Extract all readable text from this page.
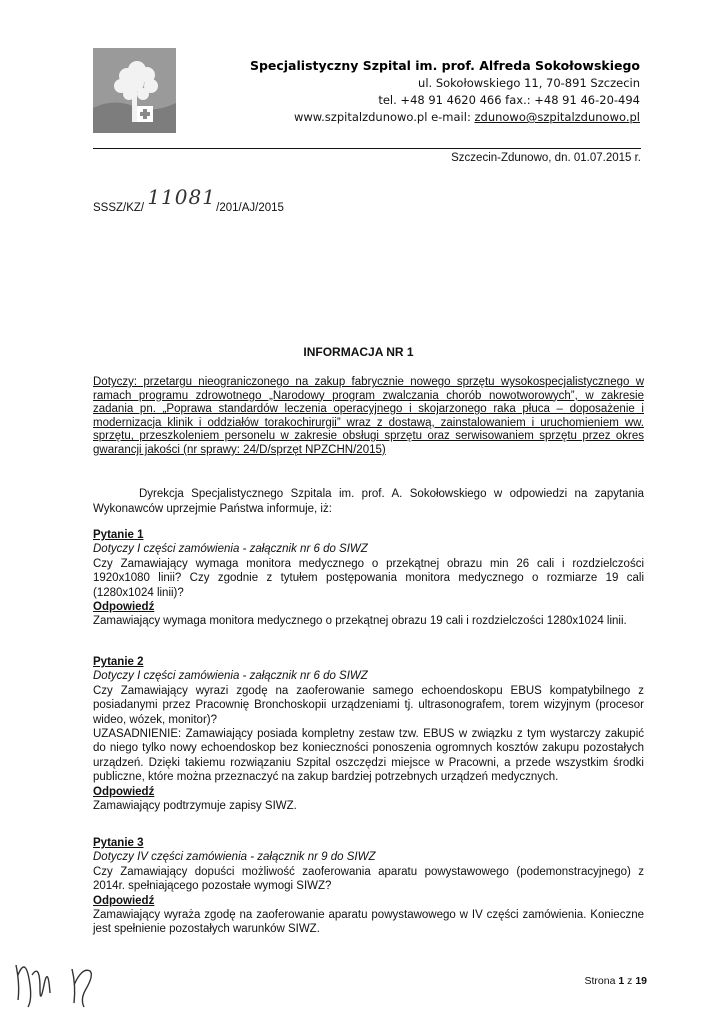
Specjalistyczny Szpital im. prof. Alfreda Sokołowskiego
ul. Sokołowskiego 11, 70-891 Szczecin
tel. +48 91 4620 466 fax.: +48 91 46-20-494
www.szpitalzdunowo.pl e-mail: zdunowo@szpitalzdunowo.pl
Szczecin-Zdunowo, dn. 01.07.2015 r.
SSSZ/KZ/ 11081/201/AJ/2015
INFORMACJA NR 1
Dotyczy: przetargu nieograniczonego na zakup fabrycznie nowego sprzętu wysokospecjalistycznego w ramach programu zdrowotnego „Narodowy program zwalczania chorób nowotworowych”, w zakresie zadania pn. „Poprawa standardów leczenia operacyjnego i skojarzonego raka płuca – doposażenie i modernizacja klinik i oddziałów torakochirurgii” wraz z dostawą, zainstalowaniem i uruchomieniem ww. sprzętu, przeszkoleniem personelu w zakresie obsługi sprzętu oraz serwisowaniem sprzętu przez okres gwarancji jakości (nr sprawy: 24/D/sprzęt NPZCHN/2015)
Dyrekcja Specjalistycznego Szpitala im. prof. A. Sokołowskiego w odpowiedzi na zapytania Wykonawców uprzejmie Państwa informuje, iż:

Pytanie 1

Dotyczy I części zamówienia - załącznik nr 6 do SIWZ

Czy Zamawiający wymaga monitora medycznego o przekątnej obrazu min 26 cali i rozdzielczości 1920x1080 linii? Czy zgodnie z tytułem postępowania monitora medycznego o rozmiarze 19 cali (1280x1024 linii)?

Odpowiedź

Zamawiający wymaga monitora medycznego o przekątnej obrazu 19 cali i rozdzielczości 1280x1024 linii.

Pytanie 2

Dotyczy I części zamówienia - załącznik nr 6 do SIWZ

Czy Zamawiający wyrazi zgodę na zaoferowanie samego echoendoskopu EBUS kompatybilnego z posiadanymi przez Pracownię Bronchoskopii urządzeniami tj. ultrasonografem, torem wizyjnym (procesor wideo, wózek, monitor)?

UZASADNIENIE: Zamawiający posiada kompletny zestaw tzw. EBUS w związku z tym wystarczy zakupić do niego tylko nowy echoendoskop bez konieczności ponoszenia ogromnych kosztów zakupu pozostałych urządzeń. Dzięki takiemu rozwiązaniu Szpital oszczędzi miejsce w Pracowni, a przede wszystkim środki publiczne, które można przeznaczyć na zakup bardziej potrzebnych urządzeń medycznych.

Odpowiedź

Zamawiający podtrzymuje zapisy SIWZ.

Pytanie 3

Dotyczy IV części zamówienia - załącznik nr 9 do SIWZ

Czy Zamawiający dopuści możliwość zaoferowania aparatu powystawowego (podemonstracyjnego) z 2014r. spełniającego pozostałe wymogi SIWZ?

Odpowiedź

Zamawiający wyraża zgodę na zaoferowanie aparatu powystawowego w IV części zamówienia. Konieczne jest spełnienie pozostałych warunków SIWZ.

Strona 1 z 19
